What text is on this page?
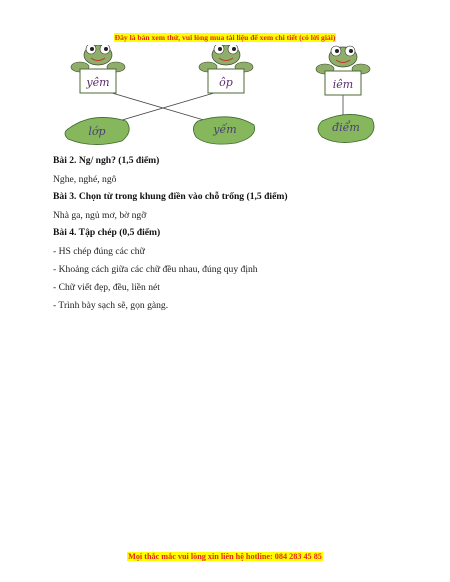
Đây là bản xem thử, vui lòng mua tài liệu để xem chi tiết (có lời giải)
yêm	ôp	iêm
lớp	yếm	điểm
Bài 2. Ng/ ngh? (1,5 điểm)
Nghe, nghé, ngô
Bài 3. Chọn từ trong khung điền vào chỗ trống (1,5 điểm)
Nhà ga, ngủ mơ, bờ ngỡ
Bài 4. Tập chép (0,5 điểm)
- HS chép đúng các chữ
- Khoảng cách giữa các chữ đều nhau, đúng quy định
- Chữ viết đẹp, đều, liền nét
- Trình bày sạch sẽ, gọn gàng.
Mọi thắc mắc vui lòng xin liên hệ hotline: 084 283 45 85
